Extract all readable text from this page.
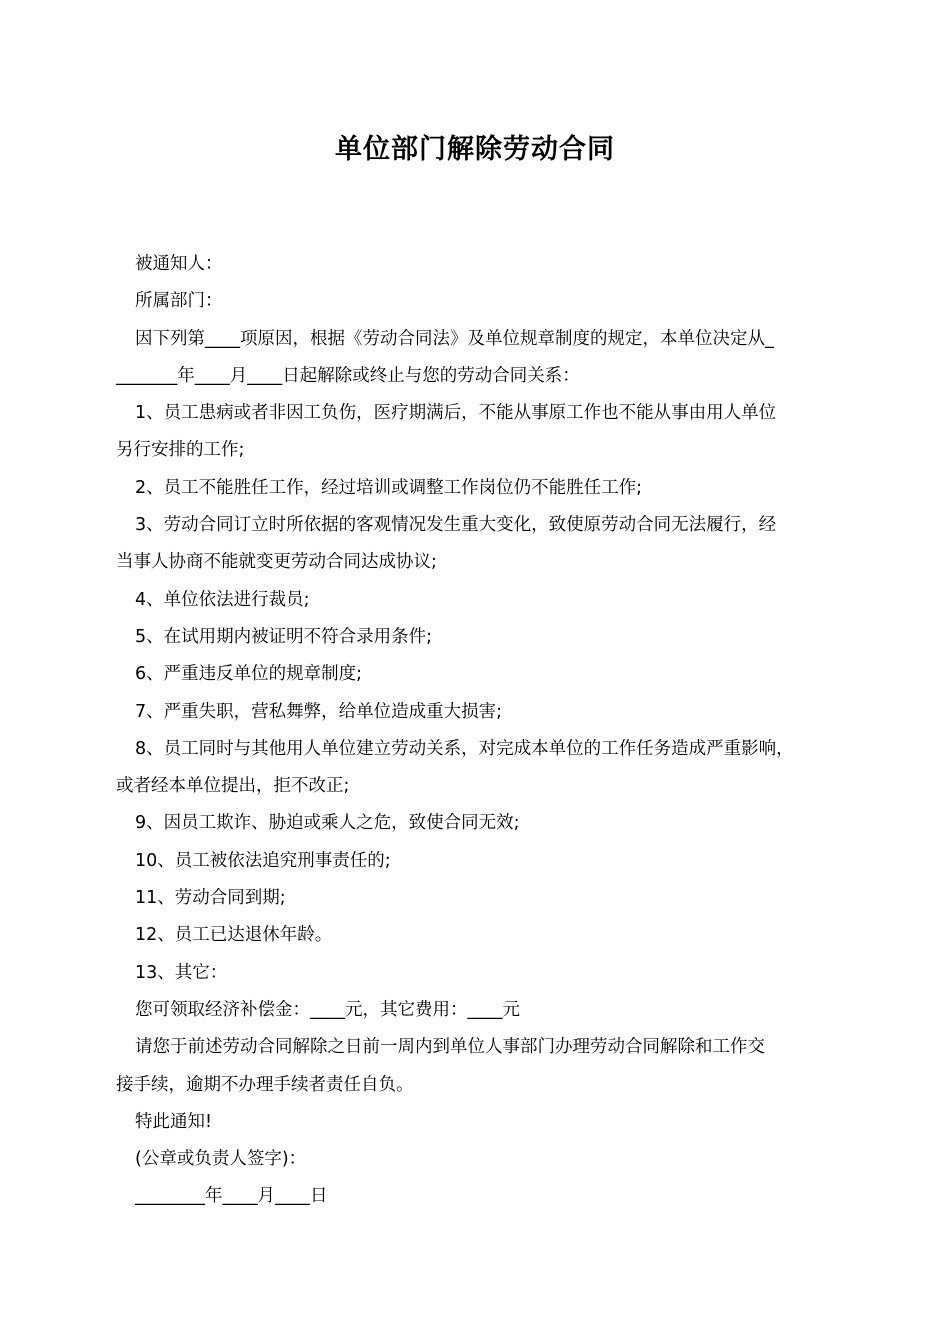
单位部门解除劳动合同
被通知人：
所属部门：
因下列第____项原因，根据《劳动合同法》及单位规章制度的规定，本单位决定从_
_______年____月____日起解除或终止与您的劳动合同关系：
1、员工患病或者非因工负伤，医疗期满后，不能从事原工作也不能从事由用人单位
另行安排的工作;
2、员工不能胜任工作，经过培训或调整工作岗位仍不能胜任工作;
3、劳动合同订立时所依据的客观情况发生重大变化，致使原劳动合同无法履行，经
当事人协商不能就变更劳动合同达成协议;
4、单位依法进行裁员;
5、在试用期内被证明不符合录用条件;
6、严重违反单位的规章制度;
7、严重失职，营私舞弊，给单位造成重大损害;
8、员工同时与其他用人单位建立劳动关系，对完成本单位的工作任务造成严重影响，
或者经本单位提出，拒不改正;
9、因员工欺诈、胁迫或乘人之危，致使合同无效;
10、员工被依法追究刑事责任的;
11、劳动合同到期;
12、员工已达退休年龄。
13、其它：
您可领取经济补偿金：____元，其它费用：____元
请您于前述劳动合同解除之日前一周内到单位人事部门办理劳动合同解除和工作交
接手续，逾期不办理手续者责任自负。
特此通知!
(公章或负责人签字)：
________年____月____日
